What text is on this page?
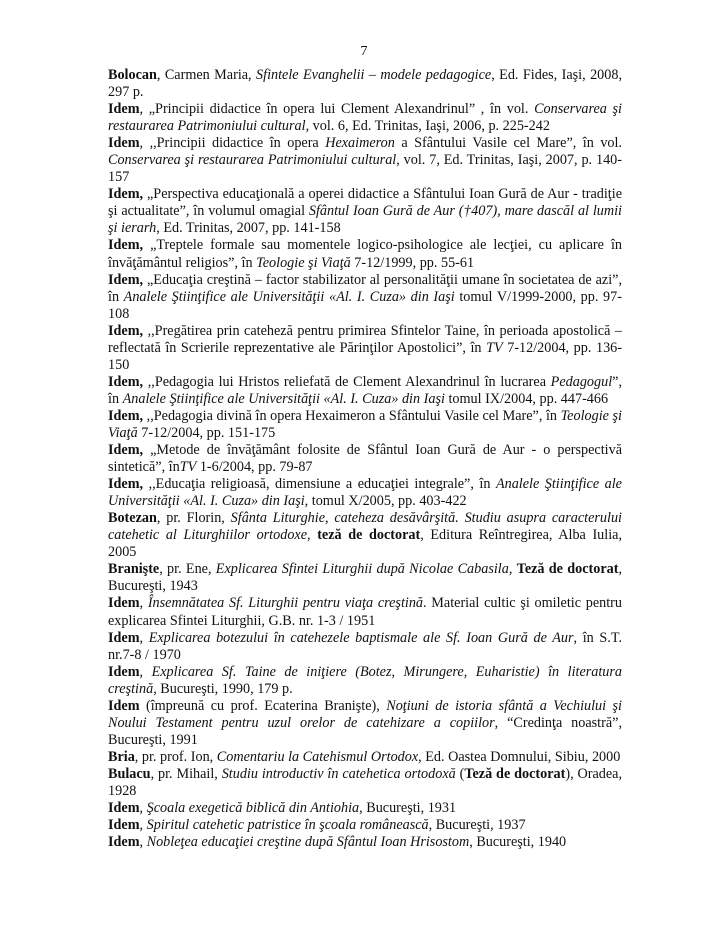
7

Bolocan, Carmen Maria, Sfintele Evanghelii – modele pedagogice, Ed. Fides, Iaşi, 2008, 297 p.

Idem, „Principii didactice în opera lui Clement Alexandrinul” , în vol. Conservarea şi restaurarea Patrimoniului cultural, vol. 6, Ed. Trinitas, Iaşi, 2006, p. 225-242

Idem, ,,Principii didactice în opera Hexaimeron a Sfântului Vasile cel Mare”, în vol. Conservarea şi restaurarea Patrimoniului cultural, vol. 7, Ed. Trinitas, Iaşi, 2007, p. 140-157

Idem, „Perspectiva educaţională a operei didactice a Sfântului Ioan Gură de Aur - tradiţie şi actualitate”, în volumul omagial Sfântul Ioan Gură de Aur (†407), mare dascăl al lumii şi ierarh, Ed. Trinitas, 2007, pp. 141-158

Idem, „Treptele formale sau momentele logico-psihologice ale lecţiei, cu aplicare în învăţământul religios”, în Teologie şi Viaţă 7-12/1999, pp. 55-61

Idem, „Educaţia creştină – factor stabilizator al personalităţii umane în societatea de azi”, în Analele Ştiinţifice ale Universităţii «Al. I. Cuza» din Iaşi tomul V/1999-2000, pp. 97-108

Idem, ,,Pregătirea prin cateheză pentru primirea Sfintelor Taine, în perioada apostolică – reflectată în Scrierile reprezentative ale Părinţilor Apostolici”, în TV 7-12/2004, pp. 136-150

Idem, ,,Pedagogia lui Hristos reliefată de Clement Alexandrinul în lucrarea Pedagogul”, în Analele Ştiinţifice ale Universităţii «Al. I. Cuza» din Iaşi tomul IX/2004, pp. 447-466

Idem, ,,Pedagogia divină în opera Hexaimeron a Sfântului Vasile cel Mare”, în Teologie şi Viaţă 7-12/2004, pp. 151-175

Idem, „Metode de învăţământ folosite de Sfântul Ioan Gură de Aur - o perspectivă sintetică”, înTV 1-6/2004, pp. 79-87

Idem, ,,Educaţia religioasă, dimensiune a educaţiei integrale”, în Analele Ştiinţifice ale Universităţii «Al. I. Cuza» din Iaşi, tomul X/2005, pp. 403-422

Botezan, pr. Florin, Sfânta Liturghie, cateheza desăvârşită. Studiu asupra caracterului catehetic al Liturghiilor ortodoxe, teză de doctorat, Editura Reîntregirea, Alba Iulia, 2005

Branişte, pr. Ene, Explicarea Sfintei Liturghii după Nicolae Cabasila, Teză de doctorat, Bucureşti, 1943

Idem, Însemnătatea Sf. Liturghii pentru viaţa creştină. Material cultic şi omiletic pentru explicarea Sfintei Liturghii, G.B. nr. 1-3 / 1951

Idem, Explicarea botezului în catehezele baptismale ale Sf. Ioan Gură de Aur, în S.T. nr.7-8 / 1970

Idem, Explicarea Sf. Taine de iniţiere (Botez, Mirungere, Euharistie) în literatura creştină, Bucureşti, 1990, 179 p.

Idem (împreună cu prof. Ecaterina Branişte), Noţiuni de istoria sfântă a Vechiului şi Noului Testament pentru uzul orelor de catehizare a copiilor, “Credinţa noastră”, Bucureşti, 1991

Bria, pr. prof. Ion, Comentariu la Catehismul Ortodox, Ed. Oastea Domnului, Sibiu, 2000

Bulacu, pr. Mihail, Studiu introductiv în catehetica ortodoxă (Teză de doctorat), Oradea, 1928

Idem, Şcoala exegetică biblică din Antiohia, Bucureşti, 1931

Idem, Spiritul catehetic patristice în şcoala românească, Bucureşti, 1937

Idem, Nobleţea educaţiei creştine după Sfântul Ioan Hrisostom, Bucureşti, 1940
